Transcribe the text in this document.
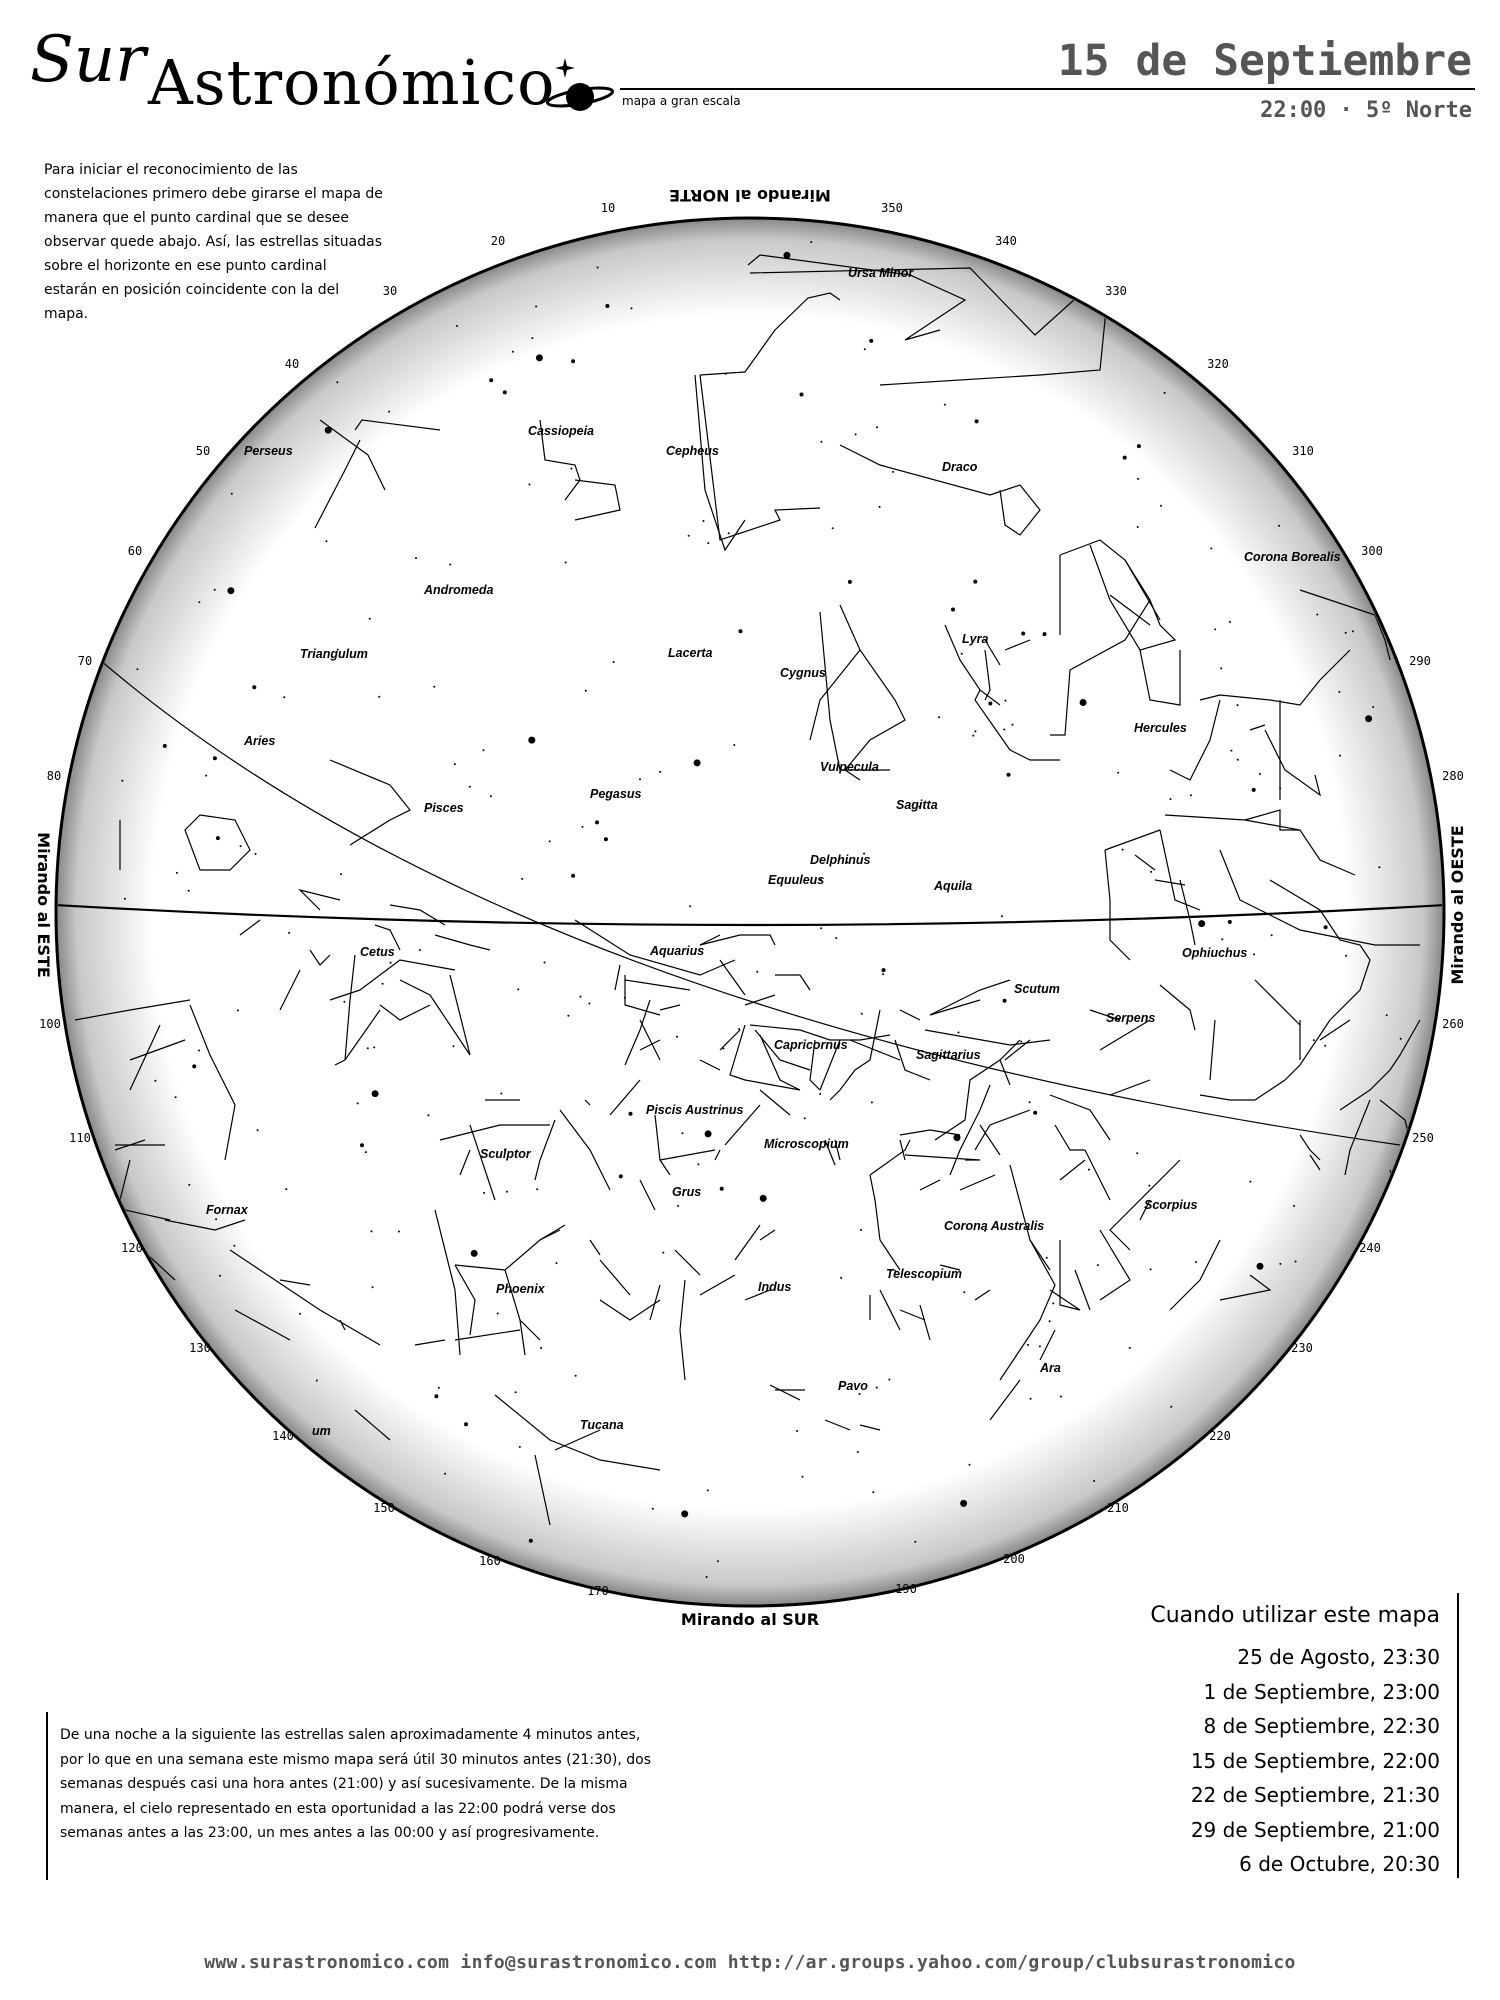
Sur Astronómico	mapa a gran escala
15 de Septiembre
22:00 · 5º Norte
Para iniciar el reconocimiento de las constelaciones primero debe girarse el mapa de manera que el punto cardinal que se desee observar quede abajo. Así, las estrellas situadas sobre el horizonte en ese punto cardinal estarán en posición coincidente con la del mapa.
10
20
30
40
50
60
70
80
100
110
120
130
140
150
160
170	190
200
210
220
230
240
250
260
280
290
300
310
320
330
340
350
Mirando al NORTE
Mirando al SUR
Mirando al ESTE	Mirando al OESTE
Ursa Minor
Cassiopeia
Cepheus
Perseus
Draco
Andromeda
Corona Borealis
Lyra
Triangulum	Lacerta
Cygnus
Hercules
Aries
Vulpecula
Pisces
Pegasus
Sagitta
Delphinus
Equuleus	Aquila
Cetus	Aquarius	Ophiuchus
Scutum
Serpens
Capricornus
Sagittarius
Piscis Austrinus
Sculptor
Microscopium
Fornax
Grus
Corona Australis
Scorpius
Telescopium
Phoenix	Indus
Ara
Pavo
Tucana
um
Cuando utilizar este mapa
25 de Agosto, 23:30
1 de Septiembre, 23:00
8 de Septiembre, 22:30
15 de Septiembre, 22:00
22 de Septiembre, 21:30
29 de Septiembre, 21:00
6 de Octubre, 20:30
De una noche a la siguiente las estrellas salen aproximadamente 4 minutos antes, por lo que en una semana este mismo mapa será útil 30 minutos antes (21:30), dos semanas después casi una hora antes (21:00) y así sucesivamente. De la misma manera, el cielo representado en esta oportunidad a las 22:00 podrá verse dos semanas antes a las 23:00, un mes antes a las 00:00 y así progresivamente.
www.surastronomico.com info@surastronomico.com http://ar.groups.yahoo.com/group/clubsurastronomico
